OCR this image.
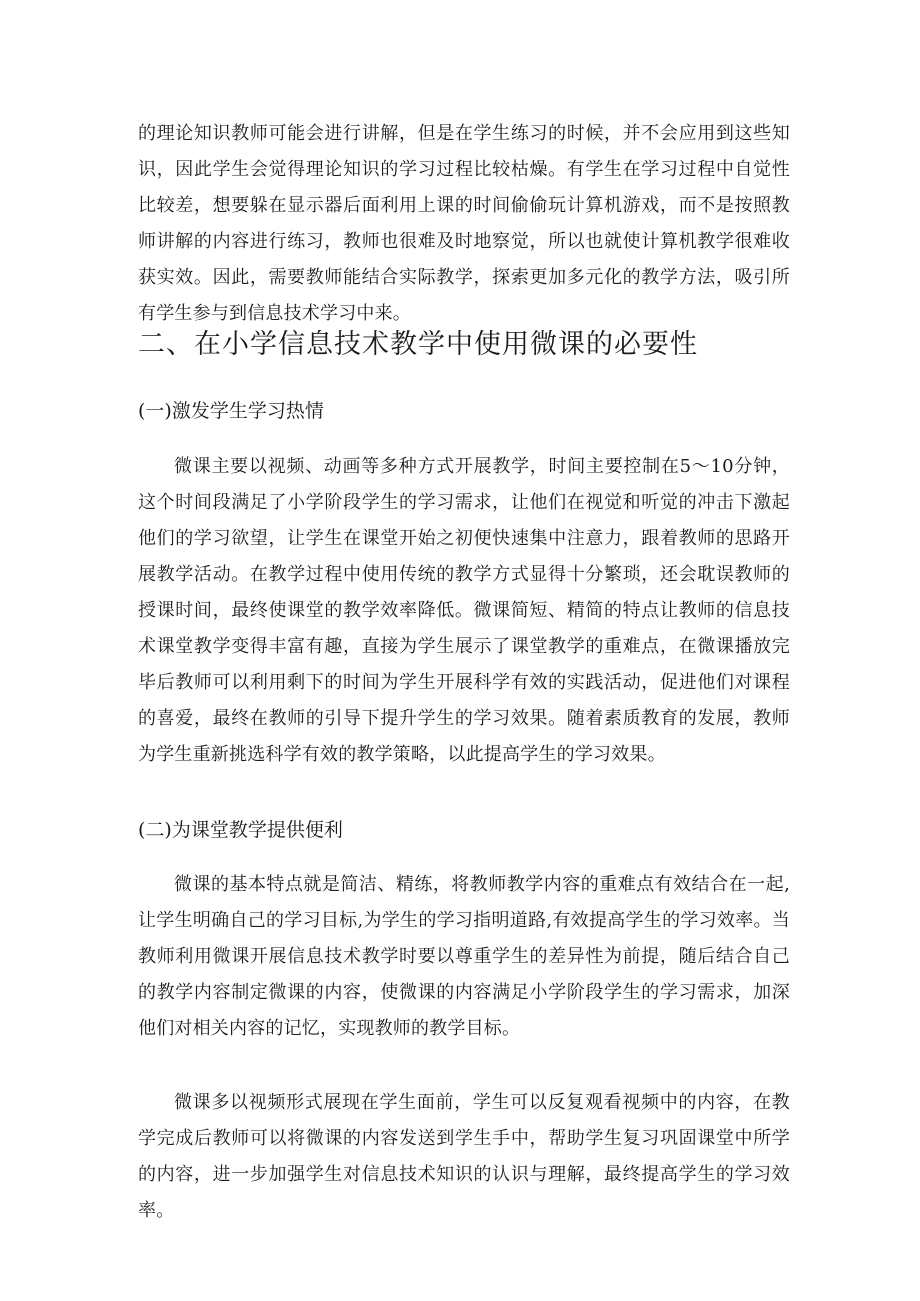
的理论知识教师可能会进行讲解，但是在学生练习的时候，并不会应用到这些知识，因此学生会觉得理论知识的学习过程比较枯燥。有学生在学习过程中自觉性比较差，想要躲在显示器后面利用上课的时间偷偷玩计算机游戏，而不是按照教师讲解的内容进行练习，教师也很难及时地察觉，所以也就使计算机教学很难收获实效。因此，需要教师能结合实际教学，探索更加多元化的教学方法，吸引所有学生参与到信息技术学习中来。

二、在小学信息技术教学中使用微课的必要性
(一)激发学生学习热情

微课主要以视频、动画等多种方式开展教学，时间主要控制在5～10分钟，这个时间段满足了小学阶段学生的学习需求，让他们在视觉和听觉的冲击下激起他们的学习欲望，让学生在课堂开始之初便快速集中注意力，跟着教师的思路开展教学活动。在教学过程中使用传统的教学方式显得十分繁琐，还会耽误教师的授课时间，最终使课堂的教学效率降低。微课简短、精简的特点让教师的信息技术课堂教学变得丰富有趣，直接为学生展示了课堂教学的重难点，在微课播放完毕后教师可以利用剩下的时间为学生开展科学有效的实践活动，促进他们对课程的喜爱，最终在教师的引导下提升学生的学习效果。随着素质教育的发展，教师为学生重新挑选科学有效的教学策略，以此提高学生的学习效果。

(二)为课堂教学提供便利

微课的基本特点就是简洁、精练，将教师教学内容的重难点有效结合在一起,让学生明确自己的学习目标,为学生的学习指明道路,有效提高学生的学习效率。当教师利用微课开展信息技术教学时要以尊重学生的差异性为前提，随后结合自己的教学内容制定微课的内容，使微课的内容满足小学阶段学生的学习需求，加深他们对相关内容的记忆，实现教师的教学目标。

微课多以视频形式展现在学生面前，学生可以反复观看视频中的内容，在教学完成后教师可以将微课的内容发送到学生手中，帮助学生复习巩固课堂中所学的内容，进一步加强学生对信息技术知识的认识与理解，最终提高学生的学习效率。
